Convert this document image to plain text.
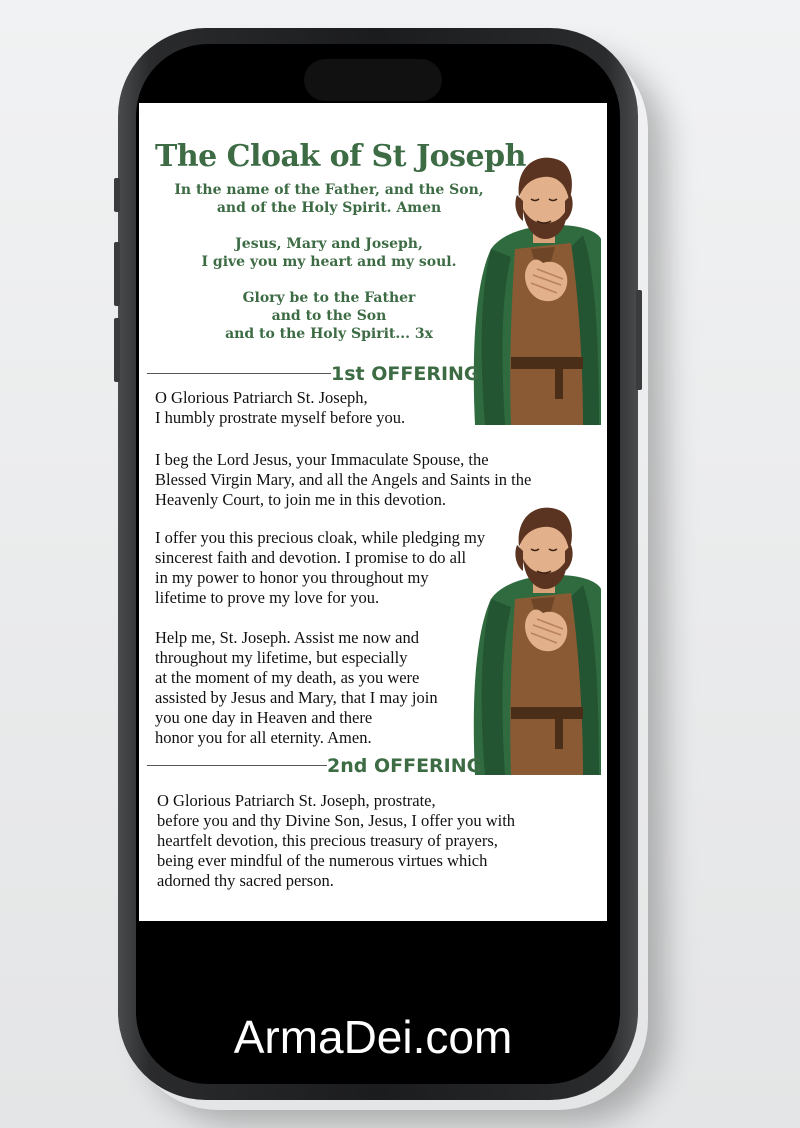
The Cloak of St Joseph
In the name of the Father, and the Son,
and of the Holy Spirit. Amen
Jesus, Mary and Joseph,
I give you my heart and my soul.
Glory be to the Father
and to the Son
and to the Holy Spirit... 3x
1st OFFERING
O Glorious Patriarch St. Joseph,
I humbly prostrate myself before you.
I beg the Lord Jesus, your Immaculate Spouse, the
Blessed Virgin Mary, and all the Angels and Saints in the
Heavenly Court, to join me in this devotion.
I offer you this precious cloak, while pledging my
sincerest faith and devotion. I promise to do all
in my power to honor you throughout my
lifetime to prove my love for you.
Help me, St. Joseph. Assist me now and
throughout my lifetime, but especially
at the moment of my death, as you were
assisted by Jesus and Mary, that I may join
you one day in Heaven and there
honor you for all eternity. Amen.
2nd OFFERING
O Glorious Patriarch St. Joseph, prostrate,
before you and thy Divine Son, Jesus, I offer you with
heartfelt devotion, this precious treasury of prayers,
being ever mindful of the numerous virtues which
adorned thy sacred person.
ArmaDei.com
